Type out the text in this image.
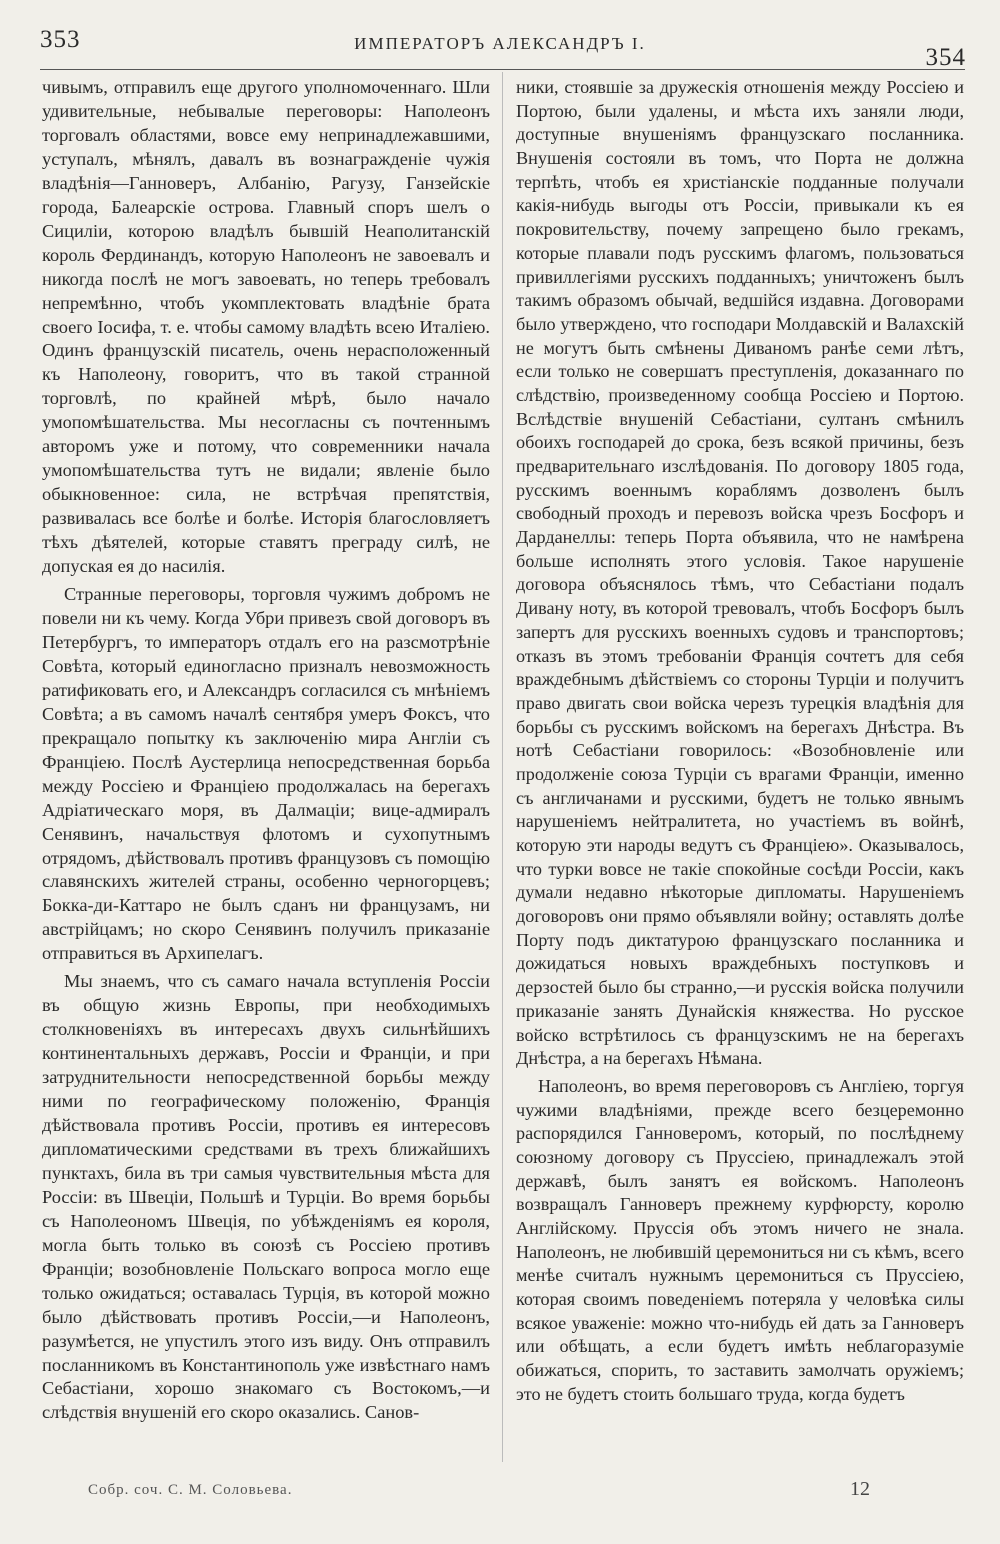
353	ИМПЕРАТОРЪ АЛЕКСАНДРЪ I.
354

чивымъ, отправилъ еще другого уполномоченнаго. Шли удивительные, небывалые переговоры: Наполеонъ торговалъ областями, вовсе ему непринадлежавшими, уступалъ, мѣнялъ, давалъ въ вознагражденіе чужія владѣнія—Ганноверъ, Албанію, Рагузу, Ганзейскіе города, Балеарскіе острова. Главный споръ шелъ о Сициліи, которою владѣлъ бывшій Неаполитанскій король Фердинандъ, которую Наполеонъ не завоевалъ и никогда послѣ не могъ завоевать, но теперь требовалъ непремѣнно, чтобъ укомплектовать владѣніе брата своего Іосифа, т. е. чтобы самому владѣть всею Италіею. Одинъ французскій писатель, очень нерасположенный къ Наполеону, говоритъ, что въ такой странной торговлѣ, по крайней мѣрѣ, было начало умопомѣшательства. Мы несогласны съ почтеннымъ авторомъ уже и потому, что современники начала умопомѣшательства тутъ не видали; явленіе было обыкновенное: сила, не встрѣчая препятствія, развивалась все болѣе и болѣе. Исторія благословляетъ тѣхъ дѣятелей, которые ставятъ преграду силѣ, не допуская ея до насилія.

Странные переговоры, торговля чужимъ добромъ не повели ни къ чему. Когда Убри привезъ свой договоръ въ Петербургъ, то императоръ отдалъ его на разсмотрѣніе Совѣта, который единогласно призналъ невозможность ратификовать его, и Александръ согласился съ мнѣніемъ Совѣта; а въ самомъ началѣ сентября умеръ Фоксъ, что прекращало попытку къ заключенію мира Англіи съ Франціею. Послѣ Аустерлица непосредственная борьба между Россіею и Франціею продолжалась на берегахъ Адріатическаго моря, въ Далмаціи; вице-адмиралъ Сенявинъ, начальствуя флотомъ и сухопутнымъ отрядомъ, дѣйствовалъ противъ французовъ съ помощію славянскихъ жителей страны, особенно черногорцевъ; Бокка-ди-Каттаро не былъ сданъ ни французамъ, ни австрійцамъ; но скоро Сенявинъ получилъ приказаніе отправиться въ Архипелагъ.

Мы знаемъ, что съ самаго начала вступленія Россіи въ общую жизнь Европы, при необходимыхъ столкновеніяхъ въ интересахъ двухъ сильнѣйшихъ континентальныхъ державъ, Россіи и Франціи, и при затруднительности непосредственной борьбы между ними по географическому положенію, Франція дѣйствовала противъ Россіи, противъ ея интересовъ дипломатическими средствами въ трехъ ближайшихъ пунктахъ, била въ три самыя чувствительныя мѣста для Россіи: въ Швеціи, Польшѣ и Турціи. Во время борьбы съ Наполеономъ Швеція, по убѣжденіямъ ея короля, могла быть только въ союзѣ съ Россіею противъ Франціи; возобновленіе Польскаго вопроса могло еще только ожидаться; оставалась Турція, въ которой можно было дѣйствовать противъ Россіи,—и Наполеонъ, разумѣется, не упустилъ этого изъ виду. Онъ отправилъ посланникомъ въ Константинополь уже извѣстнаго намъ Себастіани, хорошо знакомаго съ Востокомъ,—и слѣдствія внушеній его скоро оказались. Санов-

ники, стоявшіе за дружескія отношенія между Россіею и Портою, были удалены, и мѣста ихъ заняли люди, доступные внушеніямъ французскаго посланника. Внушенія состояли въ томъ, что Порта не должна терпѣть, чтобъ ея христіанскіе подданные получали какія-нибудь выгоды отъ Россіи, привыкали къ ея покровительству, почему запрещено было грекамъ, которые плавали подъ русскимъ флагомъ, пользоваться привиллегіями русскихъ подданныхъ; уничтоженъ былъ такимъ образомъ обычай, ведшійся издавна. Договорами было утверждено, что господари Молдавскій и Валахскій не могутъ быть смѣнены Диваномъ ранѣе семи лѣтъ, если только не совершатъ преступленія, доказаннаго по слѣдствію, произведенному сообща Россіею и Портою. Вслѣдствіе внушеній Себастіани, султанъ смѣнилъ обоихъ господарей до срока, безъ всякой причины, безъ предварительнаго изслѣдованія. По договору 1805 года, русскимъ военнымъ кораблямъ дозволенъ былъ свободный проходъ и перевозъ войска чрезъ Босфоръ и Дарданеллы: теперь Порта объявила, что не намѣрена больше исполнять этого условія. Такое нарушеніе договора объяснялось тѣмъ, что Себастіани подалъ Дивану ноту, въ которой тревовалъ, чтобъ Босфоръ былъ запертъ для русскихъ военныхъ судовъ и транспортовъ; отказъ въ этомъ требованіи Франція сочтетъ для себя враждебнымъ дѣйствіемъ со стороны Турціи и получитъ право двигать свои войска черезъ турецкія владѣнія для борьбы съ русскимъ войскомъ на берегахъ Днѣстра. Въ нотѣ Себастіани говорилось: «Возобновленіе или продолженіе союза Турціи съ врагами Франціи, именно съ англичанами и русскими, будетъ не только явнымъ нарушеніемъ нейтралитета, но участіемъ въ войнѣ, которую эти народы ведутъ съ Франціею». Оказывалось, что турки вовсе не такіе спокойные сосѣди Россіи, какъ думали недавно нѣкоторые дипломаты. Нарушеніемъ договоровъ они прямо объявляли войну; оставлять долѣе Порту подъ диктатурою французскаго посланника и дожидаться новыхъ враждебныхъ поступковъ и дерзостей было бы странно,—и русскія войска получили приказаніе занять Дунайскія княжества. Но русское войско встрѣтилось съ французскимъ не на берегахъ Днѣстра, а на берегахъ Нѣмана.

Наполеонъ, во время переговоровъ съ Англіею, торгуя чужими владѣніями, прежде всего безцеремонно распорядился Ганноверомъ, который, по послѣднему союзному договору съ Пруссіею, принадлежалъ этой державѣ, былъ занятъ ея войскомъ. Наполеонъ возвращалъ Ганноверъ прежнему курфюрсту, королю Англійскому. Пруссія объ этомъ ничего не знала. Наполеонъ, не любившій церемониться ни съ кѣмъ, всего менѣе считалъ нужнымъ церемониться съ Пруссіею, которая своимъ поведеніемъ потеряла у человѣка силы всякое уваженіе: можно что-нибудь ей дать за Ганноверъ или обѣщать, а если будетъ имѣть неблагоразуміе обижаться, спорить, то заставить замолчать оружіемъ; это не будетъ стоить большаго труда, когда будетъ

Собр. соч. С. М. Соловьева.	12
